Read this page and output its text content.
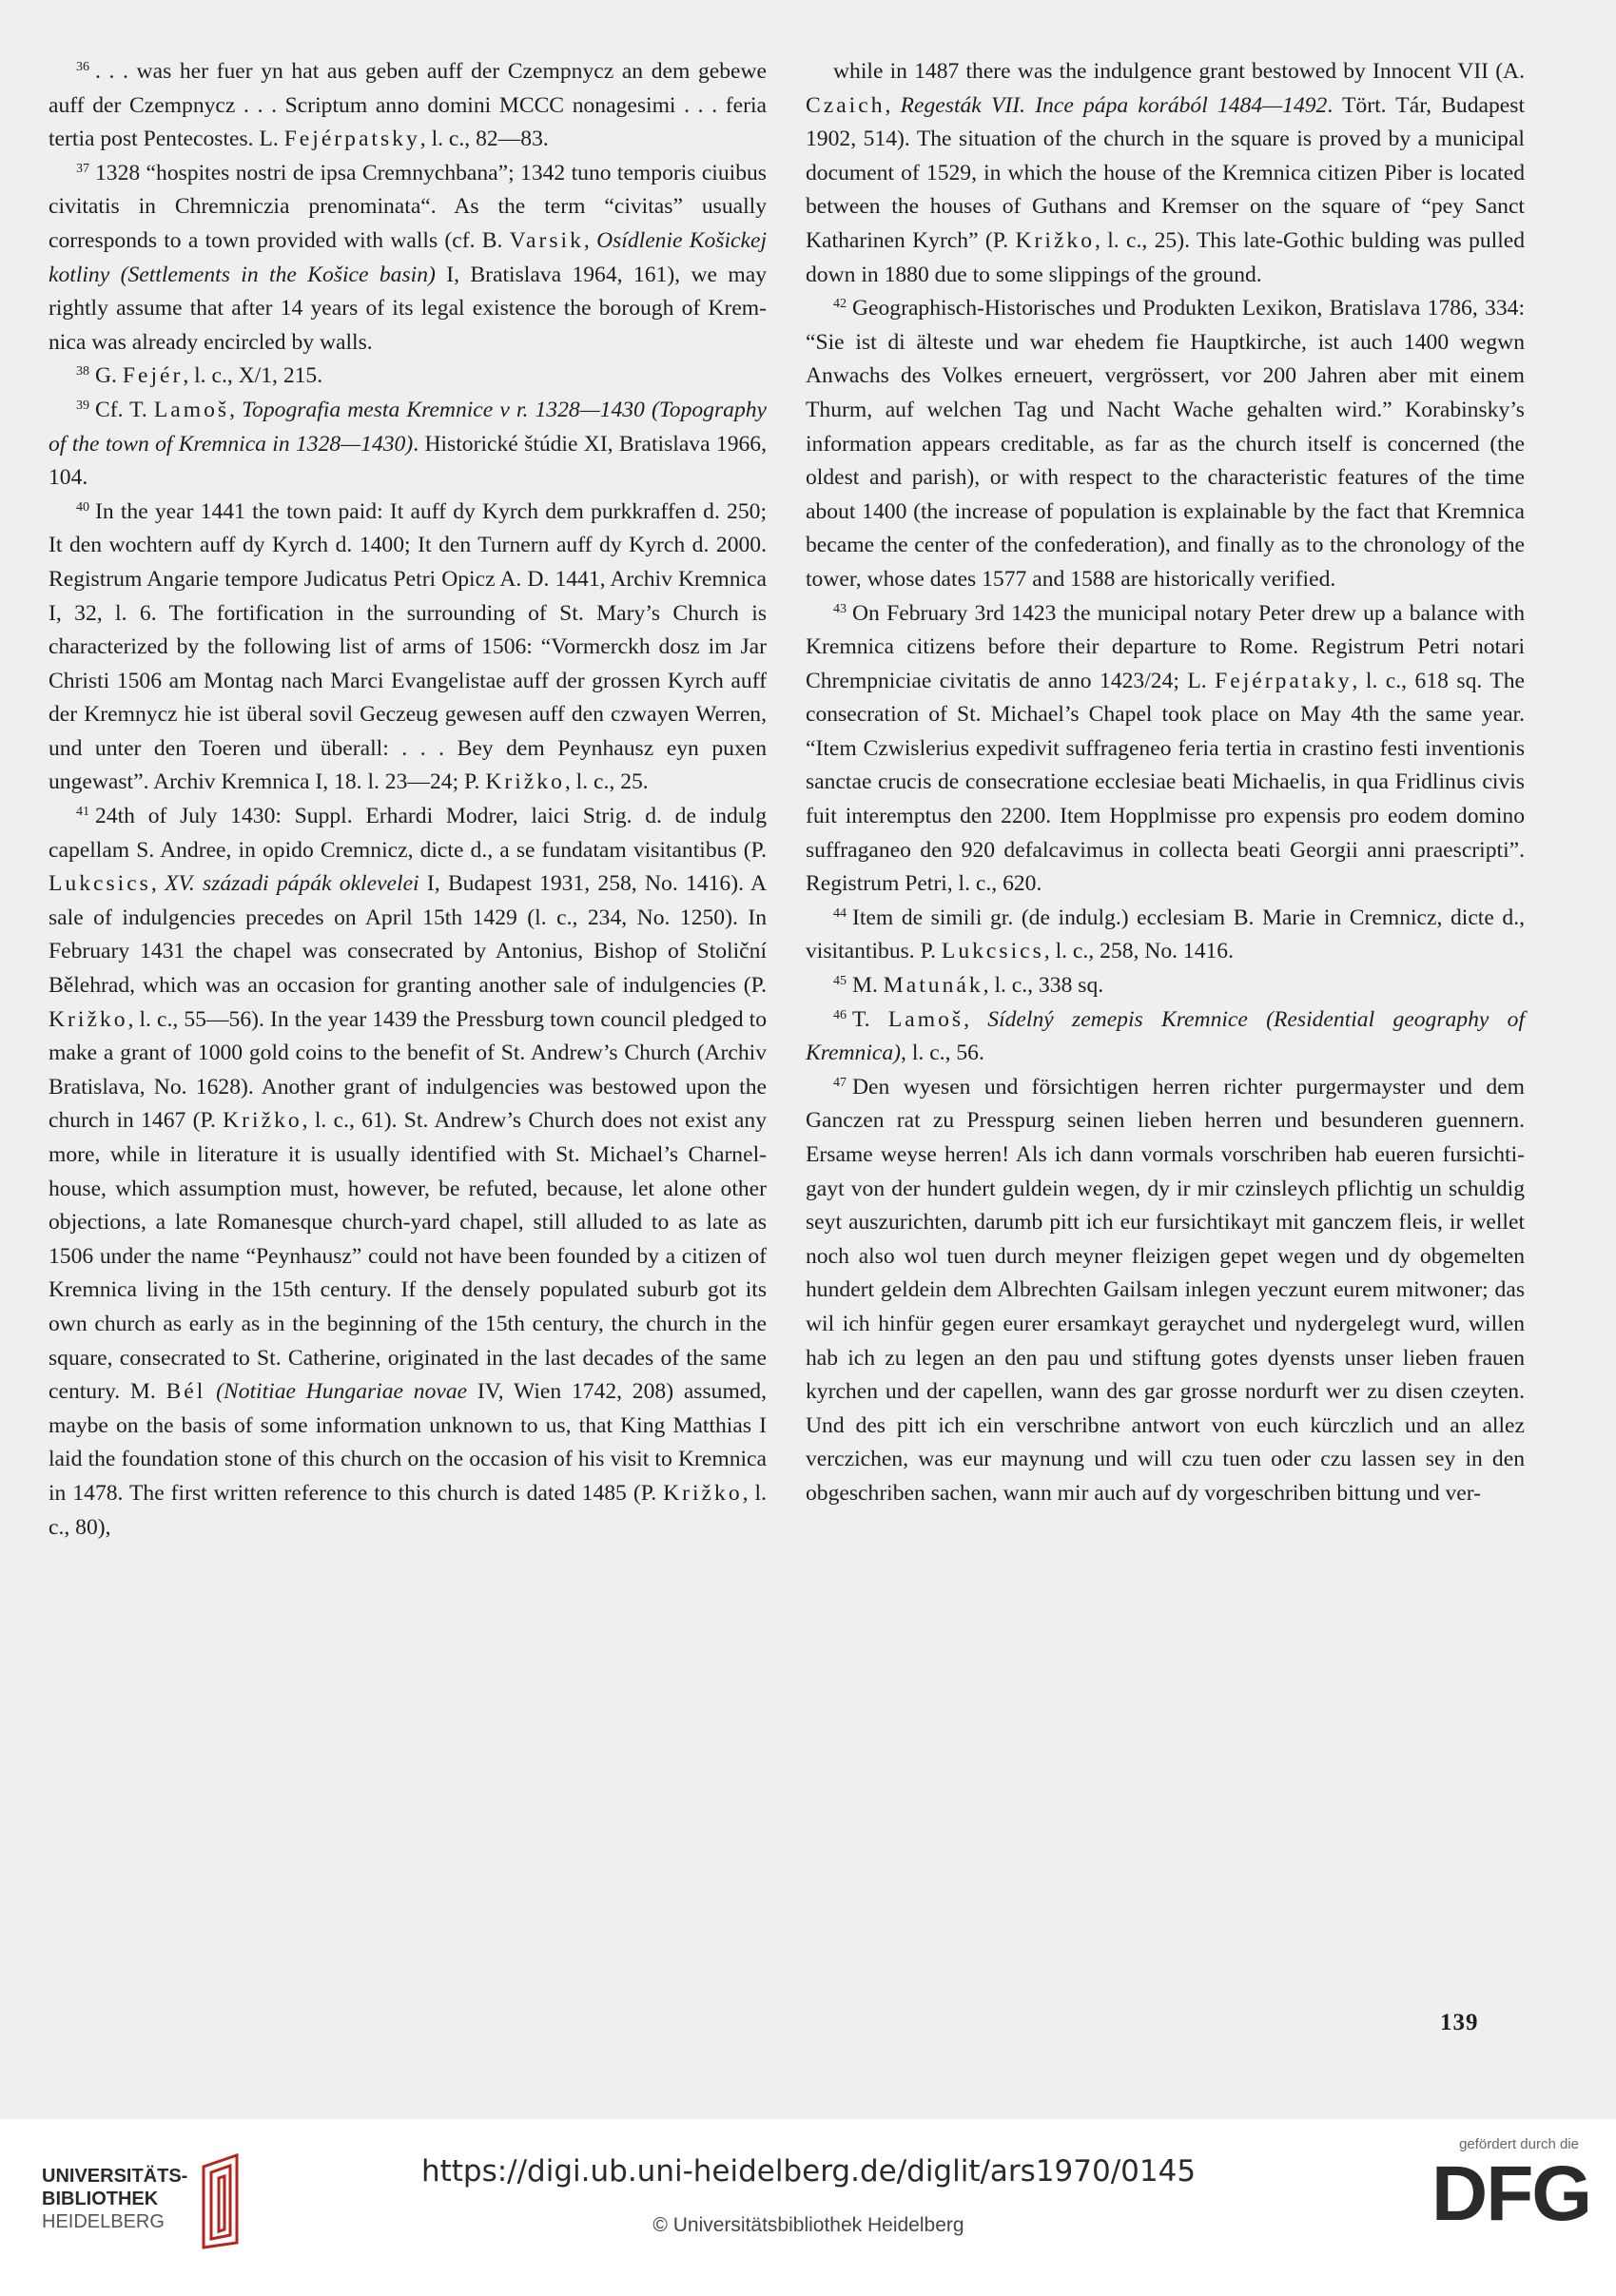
$^{36}$ . . . was her fuer yn hat aus geben auff der Czempnycz an dem gebewe auff der Czempnycz . . . Scriptum anno domini MCCC nonagesimi . . . feria tertia post Pentecostes. L. Fejérpatsky, l. c., 82—83.

$^{37}$ 1328 “hospites nostri de ipsa Cremnychbana”; 1342 tuno temporis ciuibus civitatis in Chremniczia prenominata“. As the term “civitas” usually corresponds to a town provided with walls (cf. B. Varsik, Osídlenie Košickej kotliny (Settlements in the Košice basin) I, Bratislava 1964, 161), we may rightly assume that after 14 years of its legal existence the borough of Kremnica was already encircled by walls.

$^{38}$ G. Fejér, l. c., X/1, 215.

$^{39}$ Cf. T. Lamoš, Topografia mesta Kremnice v r. 1328—1430 (Topography of the town of Kremnica in 1328—1430). Historické štúdie XI, Bratislava 1966, 104.

$^{40}$ In the year 1441 the town paid: It auff dy Kyrch dem purkkraffen d. 250; It den wochtern auff dy Kyrch d. 1400; It den Turnern auff dy Kyrch d. 2000. Registrum Angarie tempore Judicatus Petri Opicz A. D. 1441, Archiv Kremnica I, 32, l. 6. The fortification in the surrounding of St. Mary’s Church is characterized by the following list of arms of 1506: “Vormerckh dosz im Jar Christi 1506 am Montag nach Marci Evangelistae auff der grossen Kyrch auff der Kremnycz hie ist überal sovil Geczeug gewesen auff den czwayen Werren, und unter den Toeren und überall: . . . Bey dem Peynhausz eyn puxen ungewast”. Archiv Kremnica I, 18. l. 23—24; P. Križko, l. c., 25.

$^{41}$ 24th of July 1430: Suppl. Erhardi Modrer, laici Strig. d. de indulg capellam S. Andree, in opido Cremnicz, dicte d., a se fundatam visitantibus (P. Lukcsics, XV. századi pápák oklevelei I, Budapest 1931, 258, No. 1416). A sale of indulgencies precedes on April 15th 1429 (l. c., 234, No. 1250). In February 1431 the chapel was consecrated by Antonius, Bishop of Stoliční Bělehrad, which was an occasion for granting another sale of indulgencies (P. Križko, l. c., 55—56). In the year 1439 the Pressburg town council pledged to make a grant of 1000 gold coins to the benefit of St. Andrew’s Church (Archiv Bratislava, No. 1628). Another grant of indulgencies was bestowed upon the church in 1467 (P. Križko, l. c., 61). St. Andrew’s Church does not exist any more, while in literature it is usually identified with St. Michael’s Charnel-house, which assumption must, however, be refuted, because, let alone other objections, a late Romanesque church-yard chapel, still alluded to as late as 1506 under the name “Peynhausz” could not have been founded by a citizen of Kremnica living in the 15th century. If the densely populated suburb got its own church as early as in the beginning of the 15th century, the church in the square, consecrated to St. Catherine, originated in the last decades of the same century. M. Bél (Notitiae Hungariae novae IV, Wien 1742, 208) assumed, maybe on the basis of some information unknown to us, that King Matthias I laid the foundation stone of this church on the occasion of his visit to Kremnica in 1478. The first written reference to this church is dated 1485 (P. Križko, l. c., 80),

while in 1487 there was the indulgence grant bestowed by Innocent VII (A. Czaich, Regesták VII. Ince pápa korából 1484—1492. Tört. Tár, Budapest 1902, 514). The situation of the church in the square is proved by a municipal document of 1529, in which the house of the Kremnica citizen Piber is located between the houses of Guthans and Kremser on the square of “pey Sanct Katharinen Kyrch” (P. Križko, l. c., 25). This late-Gothic bulding was pulled down in 1880 due to some slippings of the ground.

$^{42}$ Geographisch-Historisches und Produkten Lexikon, Bratislava 1786, 334: “Sie ist di älteste und war ehedem fie Hauptkirche, ist auch 1400 wegwn Anwachs des Volkes erneuert, vergrössert, vor 200 Jahren aber mit einem Thurm, auf welchen Tag und Nacht Wache gehalten wird.” Korabinsky’s information appears creditable, as far as the church itself is concerned (the oldest and parish), or with respect to the characteristic features of the time about 1400 (the increase of population is explainable by the fact that Kremnica became the center of the confederation), and finally as to the chronology of the tower, whose dates 1577 and 1588 are historically verified.

$^{43}$ On February 3rd 1423 the municipal notary Peter drew up a balance with Kremnica citizens before their departure to Rome. Registrum Petri notari Chrempniciae civitatis de anno 1423/24; L. Fejérpataky, l. c., 618 sq. The consecration of St. Michael’s Chapel took place on May 4th the same year. “Item Czwislerius expedivit suffrageneo feria tertia in crastino festi inventionis sanctae crucis de consecratione ecclesiae beati Michaelis, in qua Fridlinus civis fuit interemptus den 2200. Item Hopplmisse pro expensis pro eodem domino suffraganeo den 920 defalcavimus in collecta beati Georgii anni praescripti”. Registrum Petri, l. c., 620.

$^{44}$ Item de simili gr. (de indulg.) ecclesiam B. Marie in Cremnicz, dicte d., visitantibus. P. Lukcsics, l. c., 258, No. 1416.

$^{45}$ M. Matunák, l. c., 338 sq.

$^{46}$ T. Lamoš, Sídelný zemepis Kremnice (Residential geography of Kremnica), l. c., 56.

$^{47}$ Den wyesen und försichtigen herren richter purgermayster und dem Ganczen rat zu Presspurg seinen lieben herren und besunderen guennern. Ersame weyse herren! Als ich dann vormals vorschriben hab eueren fursichtigayt von der hundert guldein wegen, dy ir mir czinsleych pflichtig un schuldig seyt auszurichten, darumb pitt ich eur fursichtikayt mit ganczem fleis, ir wellet noch also wol tuen durch meyner fleizigen gepet wegen und dy obgemelten hundert geldein dem Albrechten Gailsam inlegen yeczunt eurem mitwoner; das wil ich hinfür gegen eurer ersamkayt geraychet und nydergelegt wurd, willen hab ich zu legen an den pau und stiftung gotes dyensts unser lieben frauen kyrchen und der capellen, wann des gar grosse nordurft wer zu disen czeyten. Und des pitt ich ein verschribne antwort von euch kürczlich und an allez verczichen, was eur maynung und will czu tuen oder czu lassen sey in den obgeschriben sachen, wann mir auch auf dy vorgeschriben bittung und ver-

139
UNIVERSITÄTS-
BIBLIOTHEK
HEIDELBERG
https://digi.ub.uni-heidelberg.de/diglit/ars1970/0145
© Universitätsbibliothek Heidelberg
gefördert durch die
DFG
